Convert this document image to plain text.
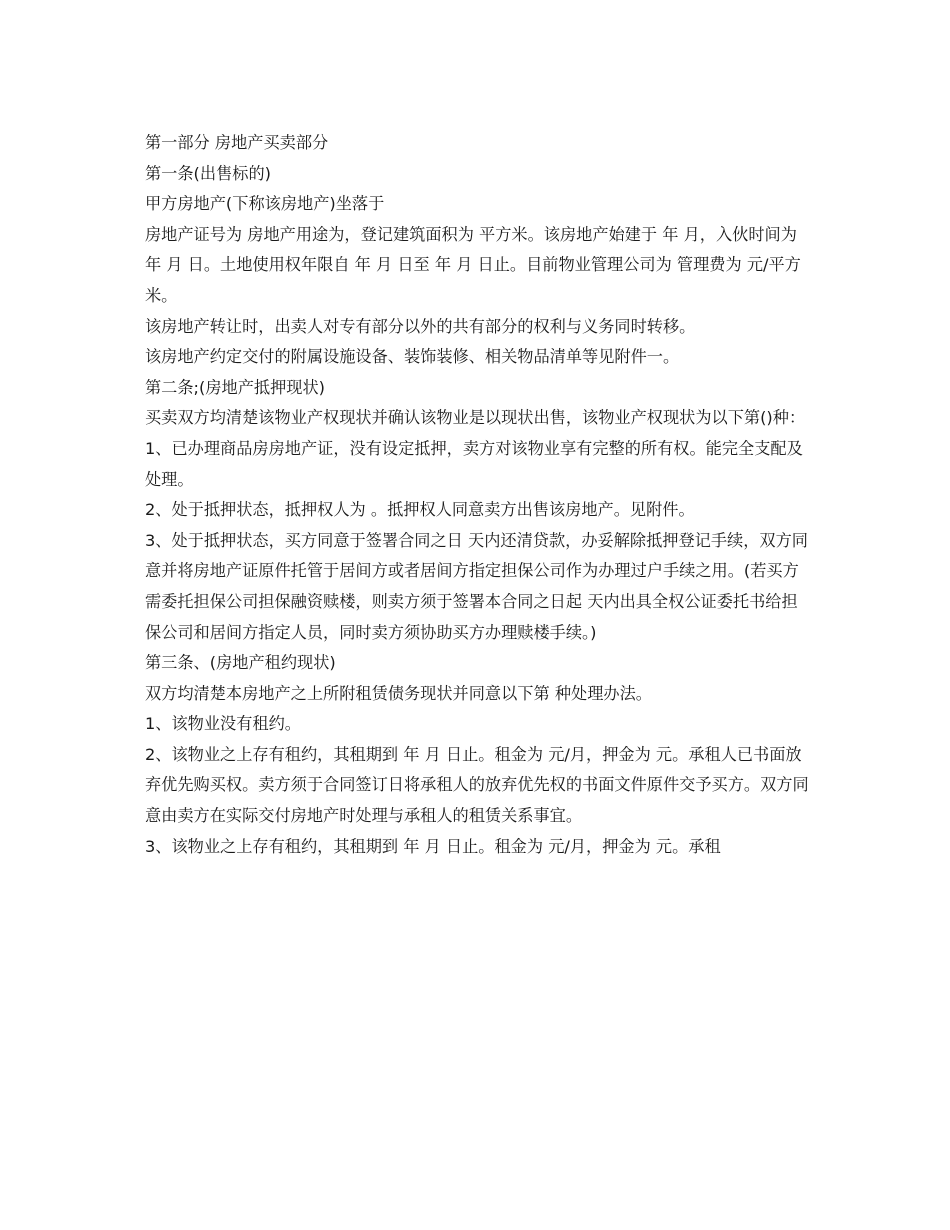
第一部分 房地产买卖部分

第一条(出售标的)

甲方房地产(下称该房地产)坐落于

房地产证号为 房地产用途为，登记建筑面积为 平方米。该房地产始建于 年 月，入伙时间为 年 月 日。土地使用权年限自 年 月 日至 年 月 日止。目前物业管理公司为 管理费为 元/平方米。

该房地产转让时，出卖人对专有部分以外的共有部分的权利与义务同时转移。

该房地产约定交付的附属设施设备、装饰装修、相关物品清单等见附件一。

第二条;(房地产抵押现状)

买卖双方均清楚该物业产权现状并确认该物业是以现状出售，该物业产权现状为以下第()种：

1、已办理商品房房地产证，没有设定抵押，卖方对该物业享有完整的所有权。能完全支配及处理。

2、处于抵押状态，抵押权人为 。抵押权人同意卖方出售该房地产。见附件。

3、处于抵押状态，买方同意于签署合同之日 天内还清贷款，办妥解除抵押登记手续，双方同意并将房地产证原件托管于居间方或者居间方指定担保公司作为办理过户手续之用。(若买方需委托担保公司担保融资赎楼，则卖方须于签署本合同之日起 天内出具全权公证委托书给担保公司和居间方指定人员，同时卖方须协助买方办理赎楼手续。)

第三条、(房地产租约现状)

双方均清楚本房地产之上所附租赁债务现状并同意以下第 种处理办法。

1、该物业没有租约。

2、该物业之上存有租约，其租期到 年 月 日止。租金为 元/月，押金为 元。承租人已书面放弃优先购买权。卖方须于合同签订日将承租人的放弃优先权的书面文件原件交予买方。双方同意由卖方在实际交付房地产时处理与承租人的租赁关系事宜。

3、该物业之上存有租约，其租期到 年 月 日止。租金为 元/月，押金为 元。承租
